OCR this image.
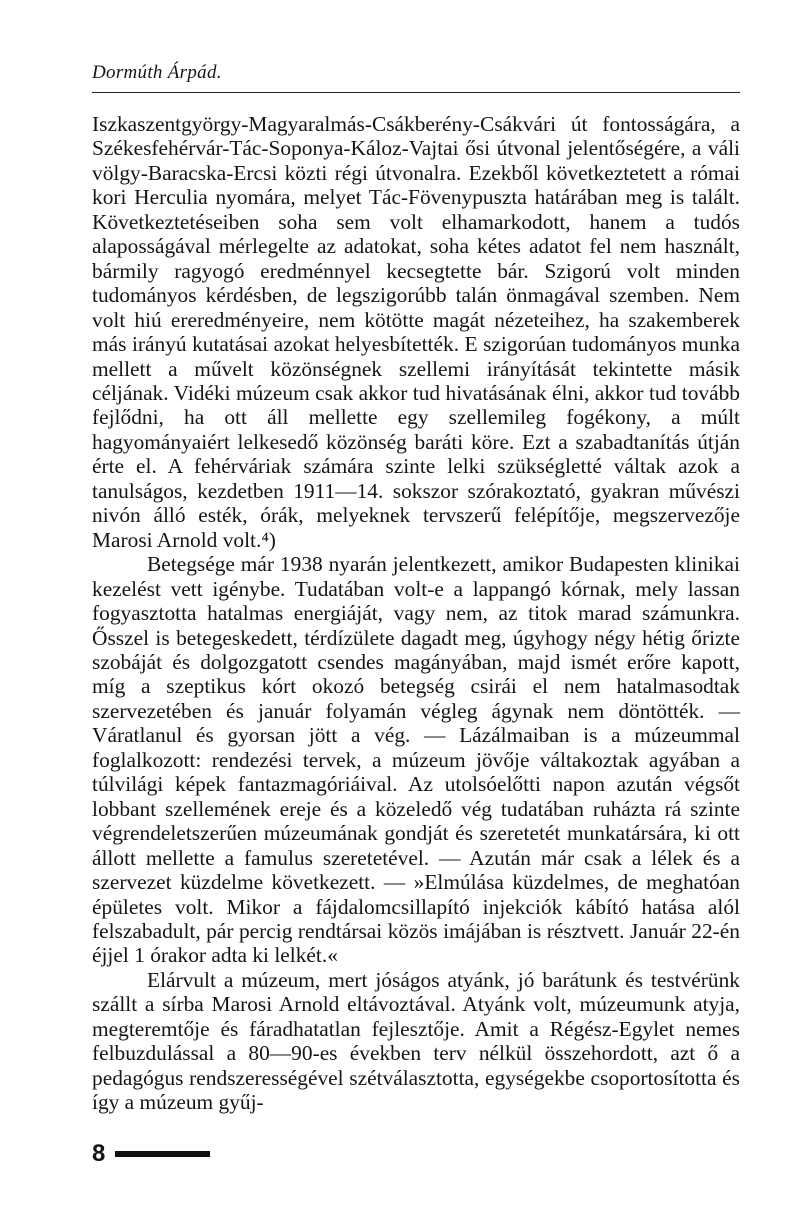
Dormúth Árpád.

Iszkaszentgyörgy-Magyaralmás-Csákberény-Csákvári út fontosságára, a Székesfehérvár-Tác-Soponya-Káloz-Vajtai ősi útvonal jelentőségére, a váli völgy-Baracska-Ercsi közti régi útvonalra. Ezekből következtetett a római kori Herculia nyomára, melyet Tác-Fövenypuszta határában meg is talált. Következtetéseiben soha sem volt elhamarkodott, hanem a tudós alaposságával mérlegelte az adatokat, soha kétes adatot fel nem használt, bármily ragyogó eredménnyel kecsegtette bár. Szigorú volt minden tudományos kérdésben, de legszigorúbb talán önmagával szemben. Nem volt hiú ereredményeire, nem kötötte magát nézeteihez, ha szakemberek más irányú kutatásai azokat helyesbítették. E szigorúan tudományos munka mellett a művelt közönségnek szellemi irányítását tekintette másik céljának. Vidéki múzeum csak akkor tud hivatásának élni, akkor tud tovább fejlődni, ha ott áll mellette egy szellemileg fogékony, a múlt hagyományaiért lelkesedő közönség baráti köre. Ezt a szabadtanítás útján érte el. A fehérváriak számára szinte lelki szükségletté váltak azok a tanulságos, kezdetben 1911—14. sokszor szórakoztató, gyakran művészi nivón álló esték, órák, melyeknek tervszerű felépítője, megszervezője Marosi Arnold volt.⁴)

Betegsége már 1938 nyarán jelentkezett, amikor Budapesten klinikai kezelést vett igénybe. Tudatában volt-e a lappangó kórnak, mely lassan fogyasztotta hatalmas energiáját, vagy nem, az titok marad számunkra. Ősszel is betegeskedett, térdízülete dagadt meg, úgyhogy négy hétig őrizte szobáját és dolgozgatott csendes magányában, majd ismét erőre kapott, míg a szeptikus kórt okozó betegség csirái el nem hatalmasodtak szervezetében és január folyamán végleg ágynak nem döntötték. — Váratlanul és gyorsan jött a vég. — Lázálmaiban is a múzeummal foglalkozott: rendezési tervek, a múzeum jövője váltakoztak agyában a túlvilági képek fantazmagóriáival. Az utolsóelőtti napon azután végsőt lobbant szellemének ereje és a közeledő vég tudatában ruházta rá szinte végrendeletszerűen múzeumának gondját és szeretetét munkatársára, ki ott állott mellette a famulus szeretetével. — Azután már csak a lélek és a szervezet küzdelme következett. — »Elmúlása küzdelmes, de meghatóan épületes volt. Mikor a fájdalomcsillapító injekciók kábító hatása alól felszabadult, pár percig rendtársai közös imájában is résztvett. Január 22-én éjjel 1 órakor adta ki lelkét.«

Elárvult a múzeum, mert jóságos atyánk, jó barátunk és testvérünk szállt a sírba Marosi Arnold eltávoztával. Atyánk volt, múzeumunk atyja, megteremtője és fáradhatatlan fejlesztője. Amit a Régész-Egylet nemes felbuzdulással a 80—90-es években terv nélkül összehordott, azt ő a pedagógus rendszerességével szétválasztotta, egységekbe csoportosította és így a múzeum gyűj-

8
